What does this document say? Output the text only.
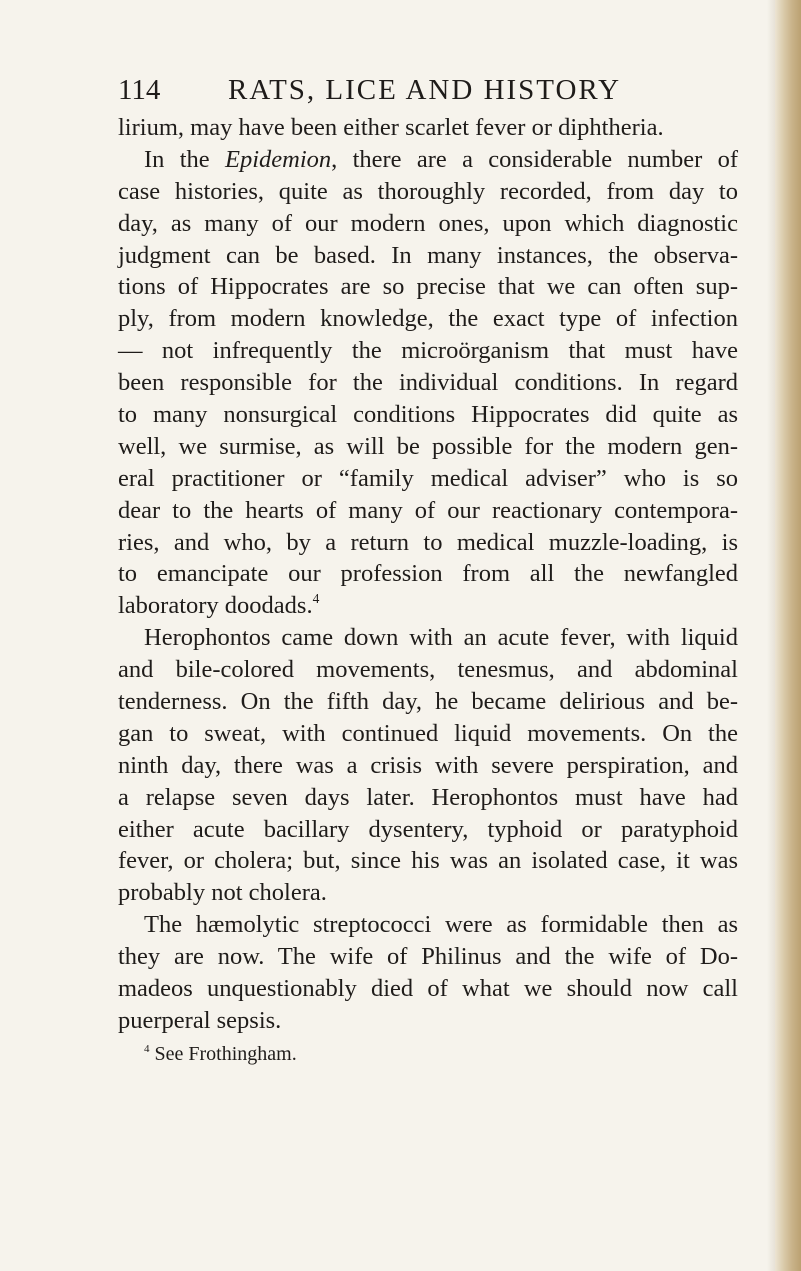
114 RATS, LICE AND HISTORY
lirium, may have been either scarlet fever or diphtheria.
In the Epidemion, there are a considerable number of
case histories, quite as thoroughly recorded, from day to
day, as many of our modern ones, upon which diagnostic
judgment can be based. In many instances, the observa-
tions of Hippocrates are so precise that we can often sup-
ply, from modern knowledge, the exact type of infection
— not infrequently the microörganism that must have
been responsible for the individual conditions. In regard
to many nonsurgical conditions Hippocrates did quite as
well, we surmise, as will be possible for the modern gen-
eral practitioner or “family medical adviser” who is so
dear to the hearts of many of our reactionary contempora-
ries, and who, by a return to medical muzzle-loading, is
to emancipate our profession from all the newfangled
laboratory doodads.$^4$
Herophontos came down with an acute fever, with liquid
and bile-colored movements, tenesmus, and abdominal
tenderness. On the fifth day, he became delirious and be-
gan to sweat, with continued liquid movements. On the
ninth day, there was a crisis with severe perspiration, and
a relapse seven days later. Herophontos must have had
either acute bacillary dysentery, typhoid or paratyphoid
fever, or cholera; but, since his was an isolated case, it was
probably not cholera.
The hæmolytic streptococci were as formidable then as
they are now. The wife of Philinus and the wife of Do-
madeos unquestionably died of what we should now call
puerperal sepsis.
$^4$ See Frothingham.
